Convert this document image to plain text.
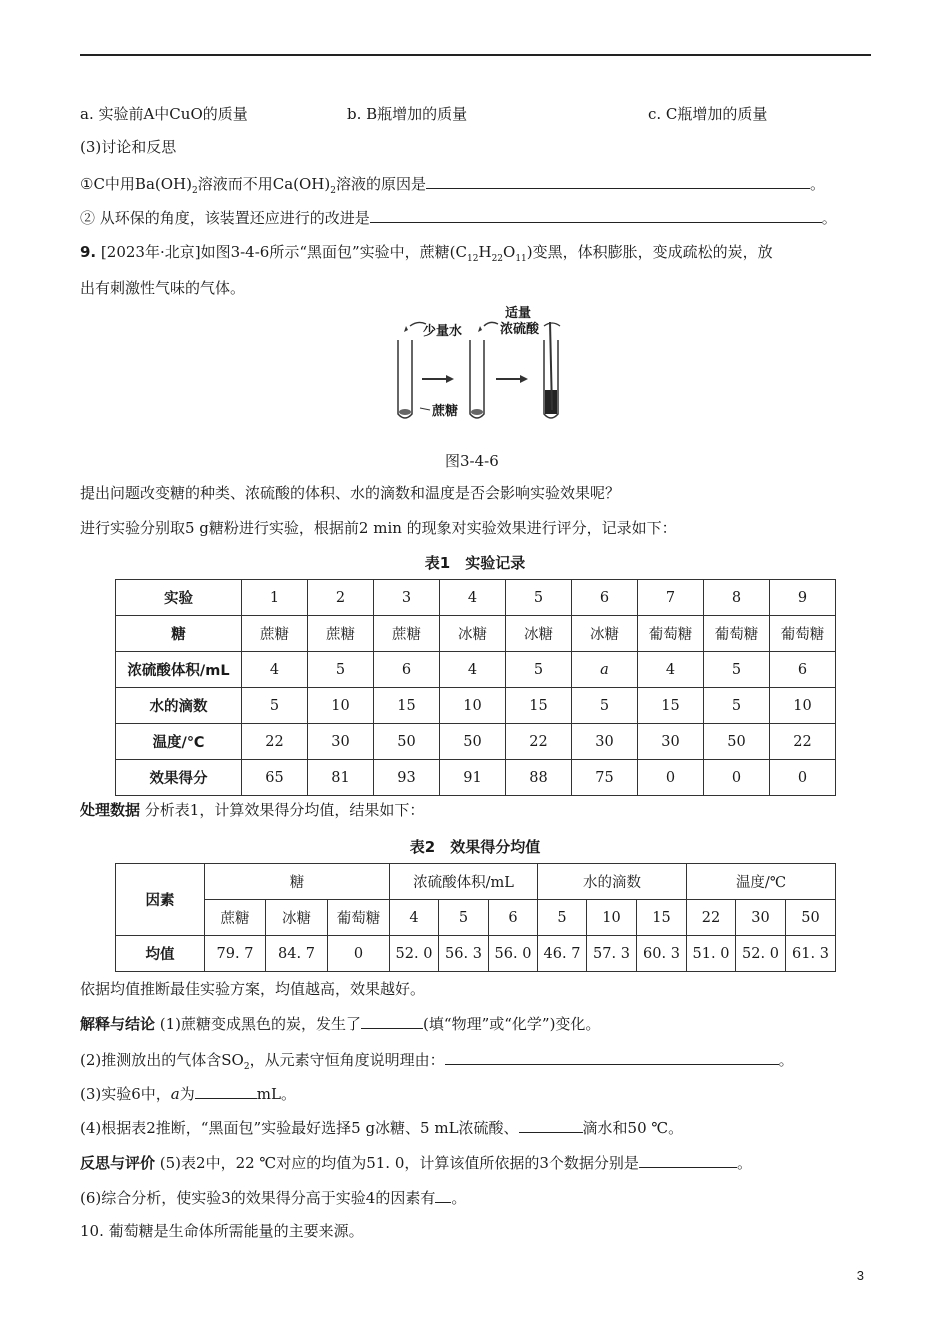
a. 实验前A中CuO的质量	b. B瓶增加的质量	c. C瓶增加的质量
(3)讨论和反思
①C中用$Ba(OH)_2$溶液而不用$Ca(OH)_2$溶液的原因是	。
② 从环保的角度，该装置还应进行的改进是	。
9. [2023年·北京]如图3-4-6所示“黑面包”实验中，蔗糖$(C_{12}H_{22}O_{11})$变黑，体积膨胀，变成疏松的炭，放
出有刺激性气味的气体。
少量水
适量
浓硫酸
蔗糖
图3-4-6
提出问题改变糖的种类、浓硫酸的体积、水的滴数和温度是否会影响实验效果呢？
进行实验分别取5 g糖粉进行实验，根据前2 min 的现象对实验效果进行评分，记录如下：
表1　实验记录
实验	1	2	3	4	5	6	7	8	9
糖	蔗糖	蔗糖	蔗糖	冰糖	冰糖	冰糖	葡萄糖	葡萄糖	葡萄糖
浓硫酸体积/mL	4	5	6	4	5	a	4	5	6
水的滴数	5	10	15	10	15	5	15	5	10
温度/℃	22	30	50	50	22	30	30	50	22
效果得分	65	81	93	91	88	75	0	0	0
处理数据 分析表1，计算效果得分均值，结果如下：
表2　效果得分均值
因素	糖			浓硫酸体积/mL			水的滴数			温度/℃		
	蔗糖	冰糖	葡萄糖	4	5	6	5	10	15	22	30	50
均值	79. 7	84. 7	0	52. 0	56. 3	56. 0	46. 7	57. 3	60. 3	51. 0	52. 0	61. 3
依据均值推断最佳实验方案，均值越高，效果越好。
解释与结论 (1)蔗糖变成黑色的炭，发生了	(填“物理”或“化学”)变化。
(2)推测放出的气体含$SO_2$，从元素守恒角度说明理由：	。
(3)实验6中，a为	mL。
(4)根据表2推断，“黑面包”实验最好选择5 g冰糖、5 mL浓硫酸、	滴水和50 ℃。
反思与评价 (5)表2中，22 ℃对应的均值为51. 0，计算该值所依据的3个数据分别是	。
(6)综合分析，使实验3的效果得分高于实验4的因素有 。
10. 葡萄糖是生命体所需能量的主要来源。
3
